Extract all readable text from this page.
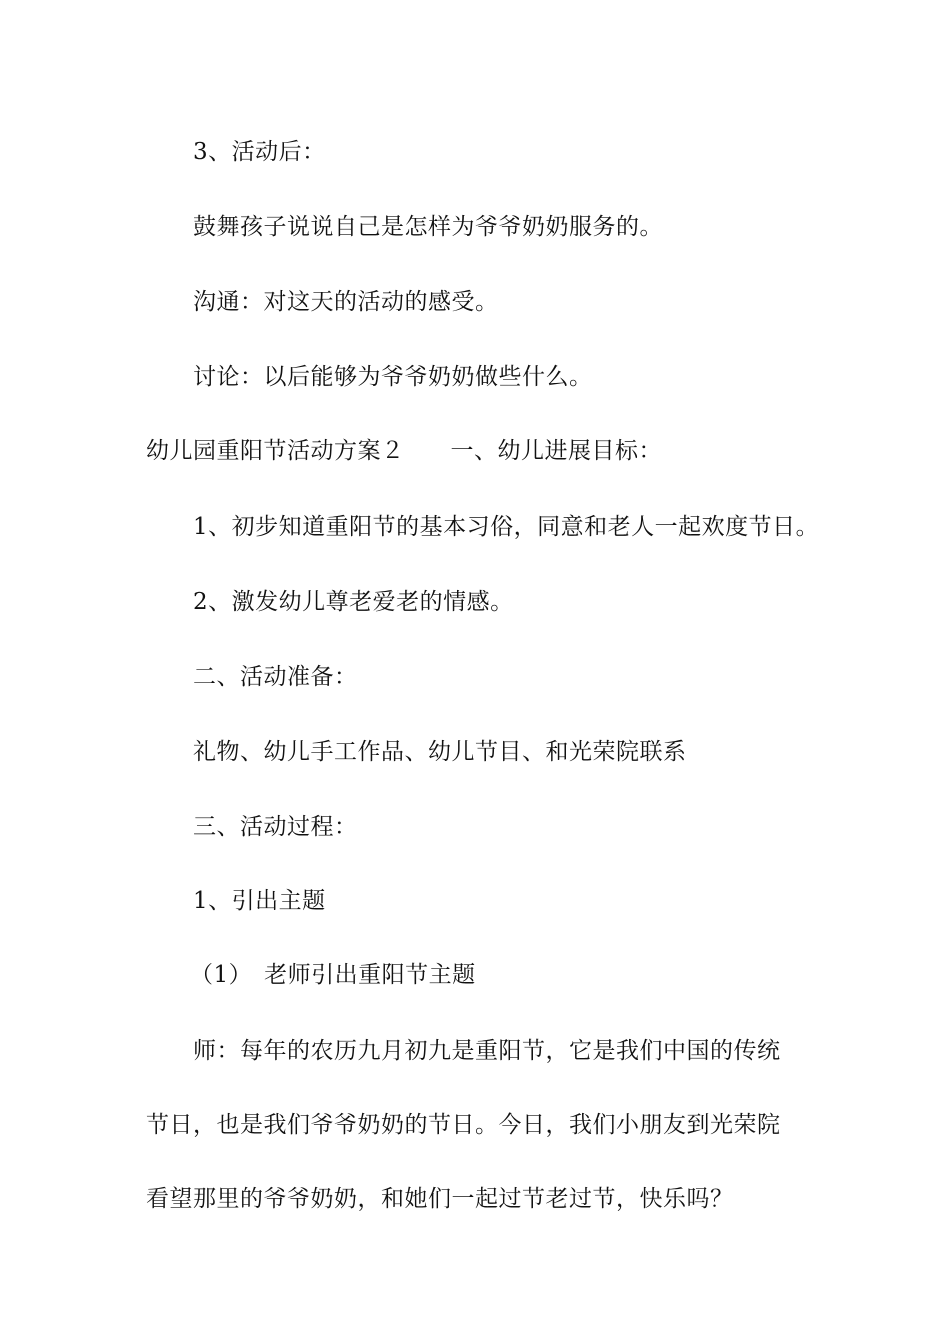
3、活动后：
鼓舞孩子说说自己是怎样为爷爷奶奶服务的。
沟通：对这天的活动的感受。
讨论：以后能够为爷爷奶奶做些什么。
幼儿园重阳节活动方案２ 一、幼儿进展目标：
1、初步知道重阳节的基本习俗，同意和老人一起欢度节日。
2、激发幼儿尊老爱老的情感。
二、活动准备：
礼物、幼儿手工作品、幼儿节目、和光荣院联系
三、活动过程：
1、引出主题
（1）　老师引出重阳节主题
师：每年的农历九月初九是重阳节，它是我们中国的传统
节日，也是我们爷爷奶奶的节日。今日，我们小朋友到光荣院
看望那里的爷爷奶奶，和她们一起过节老过节，快乐吗？
